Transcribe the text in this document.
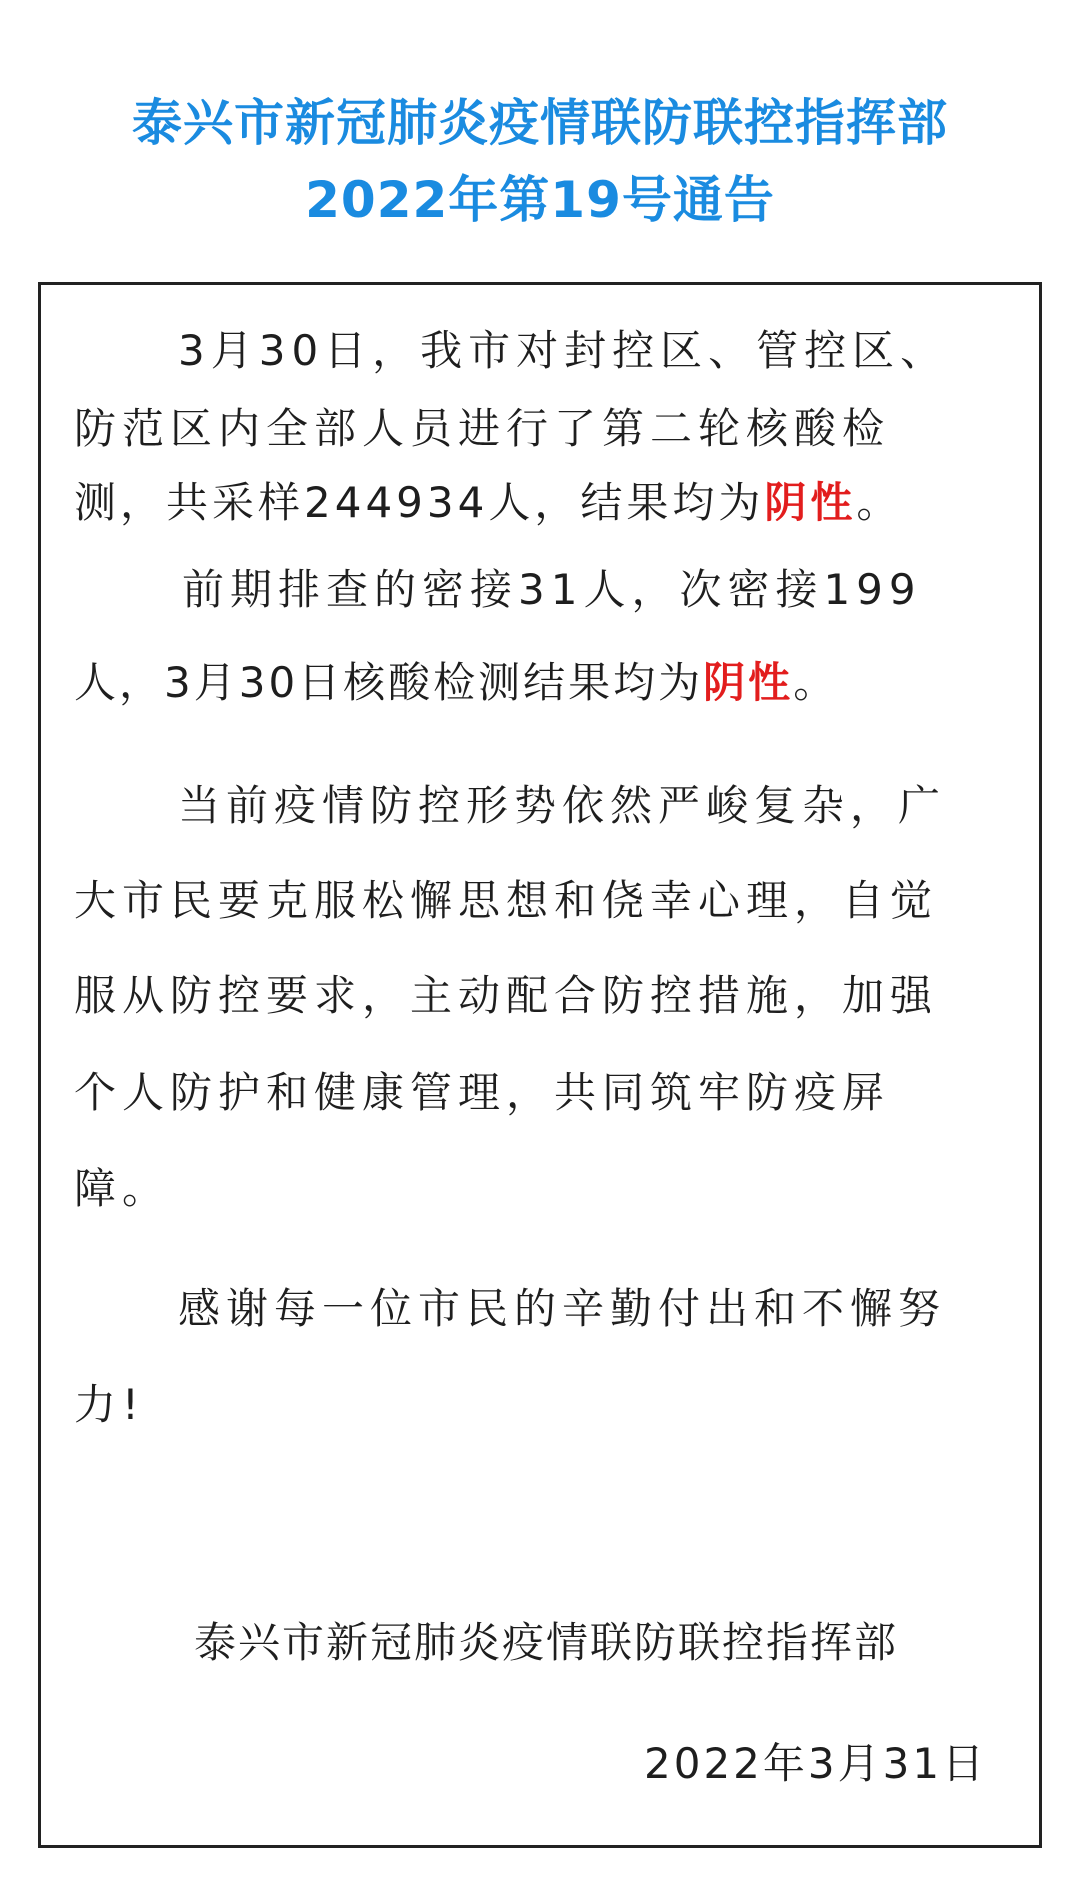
泰兴市新冠肺炎疫情联防联控指挥部
2022年第19号通告
3月30日，我市对封控区、管控区、
防范区内全部人员进行了第二轮核酸检
测，共采样244934人，结果均为阴性。
前期排查的密接31人，次密接199
人，3月30日核酸检测结果均为阴性。
当前疫情防控形势依然严峻复杂，广
大市民要克服松懈思想和侥幸心理，自觉
服从防控要求，主动配合防控措施，加强
个人防护和健康管理，共同筑牢防疫屏
障。
感谢每一位市民的辛勤付出和不懈努
力!
泰兴市新冠肺炎疫情联防联控指挥部
2022年3月31日
